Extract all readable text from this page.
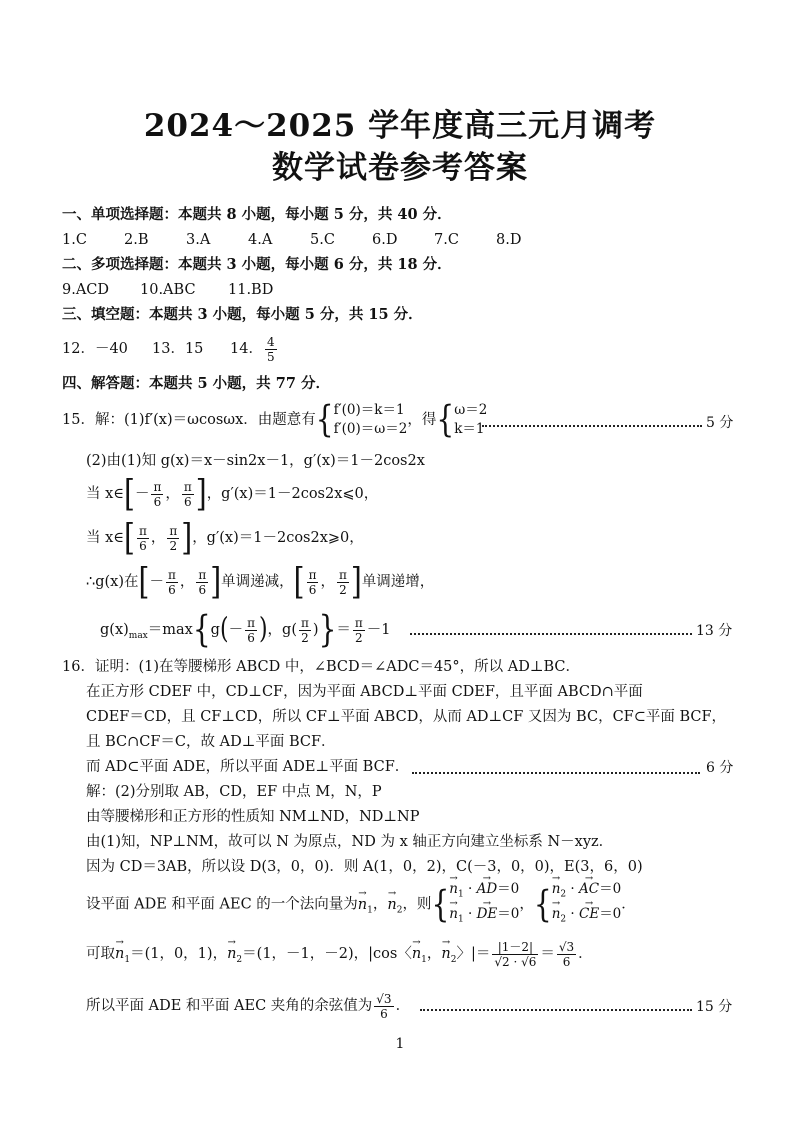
2024～2025 学年度高三元月调考
数学试卷参考答案
一、单项选择题：本题共 8 小题，每小题 5 分，共 40 分．
1.C	2.B	3.A	4.A	5.C	6.D	7.C	8.D
二、多项选择题：本题共 3 小题，每小题 6 分，共 18 分．
9.ACD 10.ABC 11.BD
三、填空题：本题共 3 小题，每小题 5 分，共 15 分．
12．－40 13．15 14． $\frac{4}{5}$
四、解答题：本题共 5 小题，共 77 分．
15．解：(1)f′(x)＝ωcosωx．由题意有{ f′(0)＝k＝1
f′(0)＝ω＝2
，得{ ω＝2
k＝1	5 分
(2)由(1)知 g(x)＝x－sin2x－1，g′(x)＝1－2cos2x
当 x∈[－ $\frac{\pi}{6}$ ， $\frac{\pi}{6}$ ]，g′(x)＝1－2cos2x⩽0，
当 x∈[ $\frac{\pi}{6}$ ， $\frac{\pi}{2}$ ]，g′(x)＝1－2cos2x⩾0，
∴g(x)在[－ $\frac{\pi}{6}$ ， $\frac{\pi}{6}$ ]单调递减，[ $\frac{\pi}{6}$ ， $\frac{\pi}{2}$ ]单调递增，
$g(x)_{max}=\max\{g(- \frac{\pi}{6}$ )，$g( \frac{\pi}{2}$ )}＝ $\frac{\pi}{2} -1$	13 分
16．证明：(1)在等腰梯形 ABCD 中，∠BCD＝∠ADC＝45°，所以 AD⊥BC．
在正方形 CDEF 中，CD⊥CF，因为平面 ABCD⊥平面 CDEF，且平面 ABCD∩平面
CDEF＝CD，且 CF⊥CD，所以 CF⊥平面 ABCD，从而 AD⊥CF 又因为 BC，CF⊂平面 BCF，
且 BC∩CF＝C，故 AD⊥平面 BCF．
而 AD⊂平面 ADE，所以平面 ADE⊥平面 BCF．	6 分
解：(2)分别取 AB，CD，EF 中点 M，N，P
由等腰梯形和正方形的性质知 NM⊥ND，ND⊥NP
由(1)知，NP⊥NM，故可以 N 为原点，ND 为 x 轴正方向建立坐标系 N－xyz．
因为 CD＝3AB，所以设 D(3，0，0)．则 A(1，0，2)，C(－3，0，0)，E(3，6，0)
设平面 ADE 和平面 AEC 的一个法向量为→ $n_1$，→ $n_2$，则{ → $n_1$ · → AD＝0
→ $n_1$ · → DE＝0
，{ → $n_2$ · → AC＝0
→ $n_2$ · → CE＝0
．
可取→ $n_1=(1$，0，1)，→ $n_2=(1$，－1，－2)，|cos〈→ $n_1$，→ $n_2$〉|＝ $\frac{|1-2|}{√2 \cdot √6} = \frac{√3}{6}$ ．
所以平面 ADE 和平面 AEC 夹角的余弦值为 $\frac{√3}{6}$ ．	15 分
1
